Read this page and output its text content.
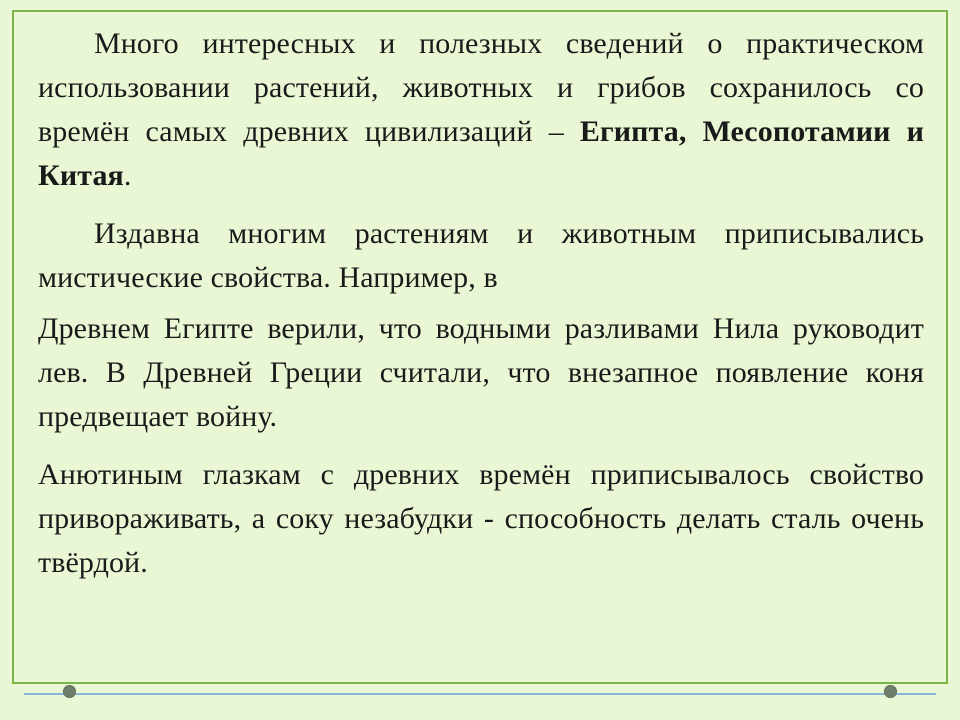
Много интересных и полезных сведений о практическом использовании растений, животных и грибов сохранилось со времён самых древних цивилизаций – Египта, Месопотамии и Китая.

Издавна многим растениям и животным приписывались мистические свойства. Например, в

Древнем Египте верили, что водными разливами Нила руководит лев. В Древней Греции считали, что внезапное появление коня предвещает войну.

Анютиным глазкам с древних времён приписывалось свойство привораживать, а соку незабудки - способность делать сталь очень твёрдой.
